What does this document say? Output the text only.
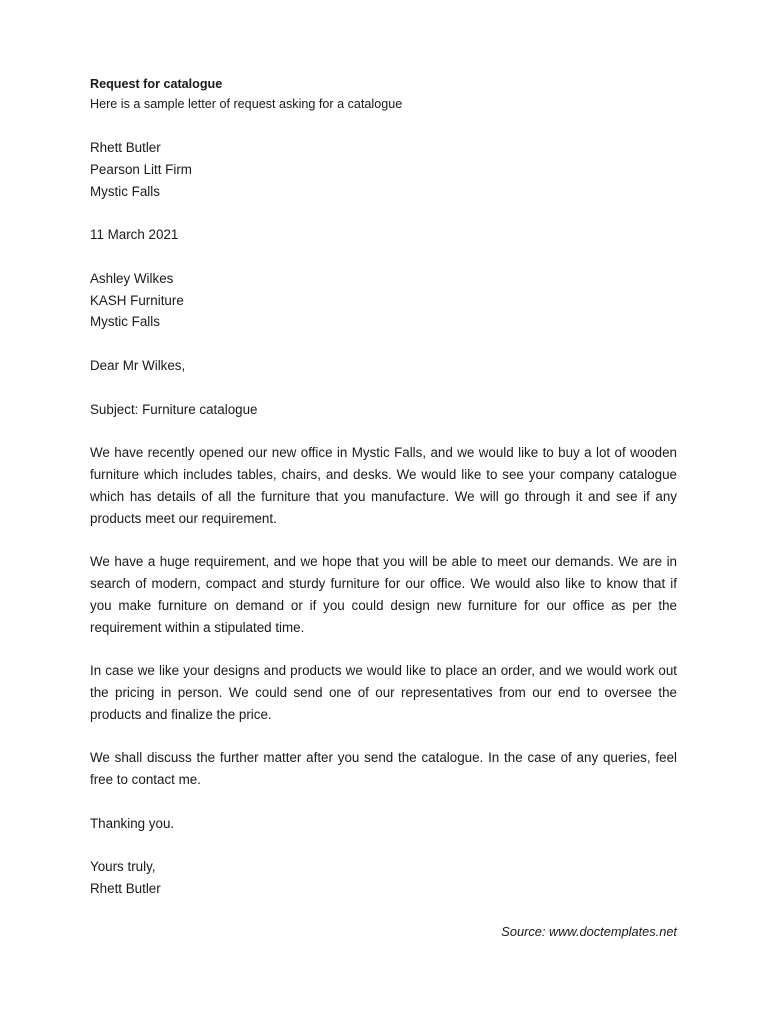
Request for catalogue

Here is a sample letter of request asking for a catalogue

Rhett Butler
Pearson Litt Firm
Mystic Falls
11 March 2021
Ashley Wilkes
KASH Furniture
Mystic Falls
Dear Mr Wilkes,
Subject: Furniture catalogue

We have recently opened our new office in Mystic Falls, and we would like to buy a lot of wooden furniture which includes tables, chairs, and desks. We would like to see your company catalogue which has details of all the furniture that you manufacture. We will go through it and see if any products meet our requirement.

We have a huge requirement, and we hope that you will be able to meet our demands. We are in search of modern, compact and sturdy furniture for our office. We would also like to know that if you make furniture on demand or if you could design new furniture for our office as per the requirement within a stipulated time.

In case we like your designs and products we would like to place an order, and we would work out the pricing in person. We could send one of our representatives from our end to oversee the products and finalize the price.

We shall discuss the further matter after you send the catalogue. In the case of any queries, feel free to contact me.

Thanking you.
Yours truly,
Rhett Butler
Source: www.doctemplates.net
